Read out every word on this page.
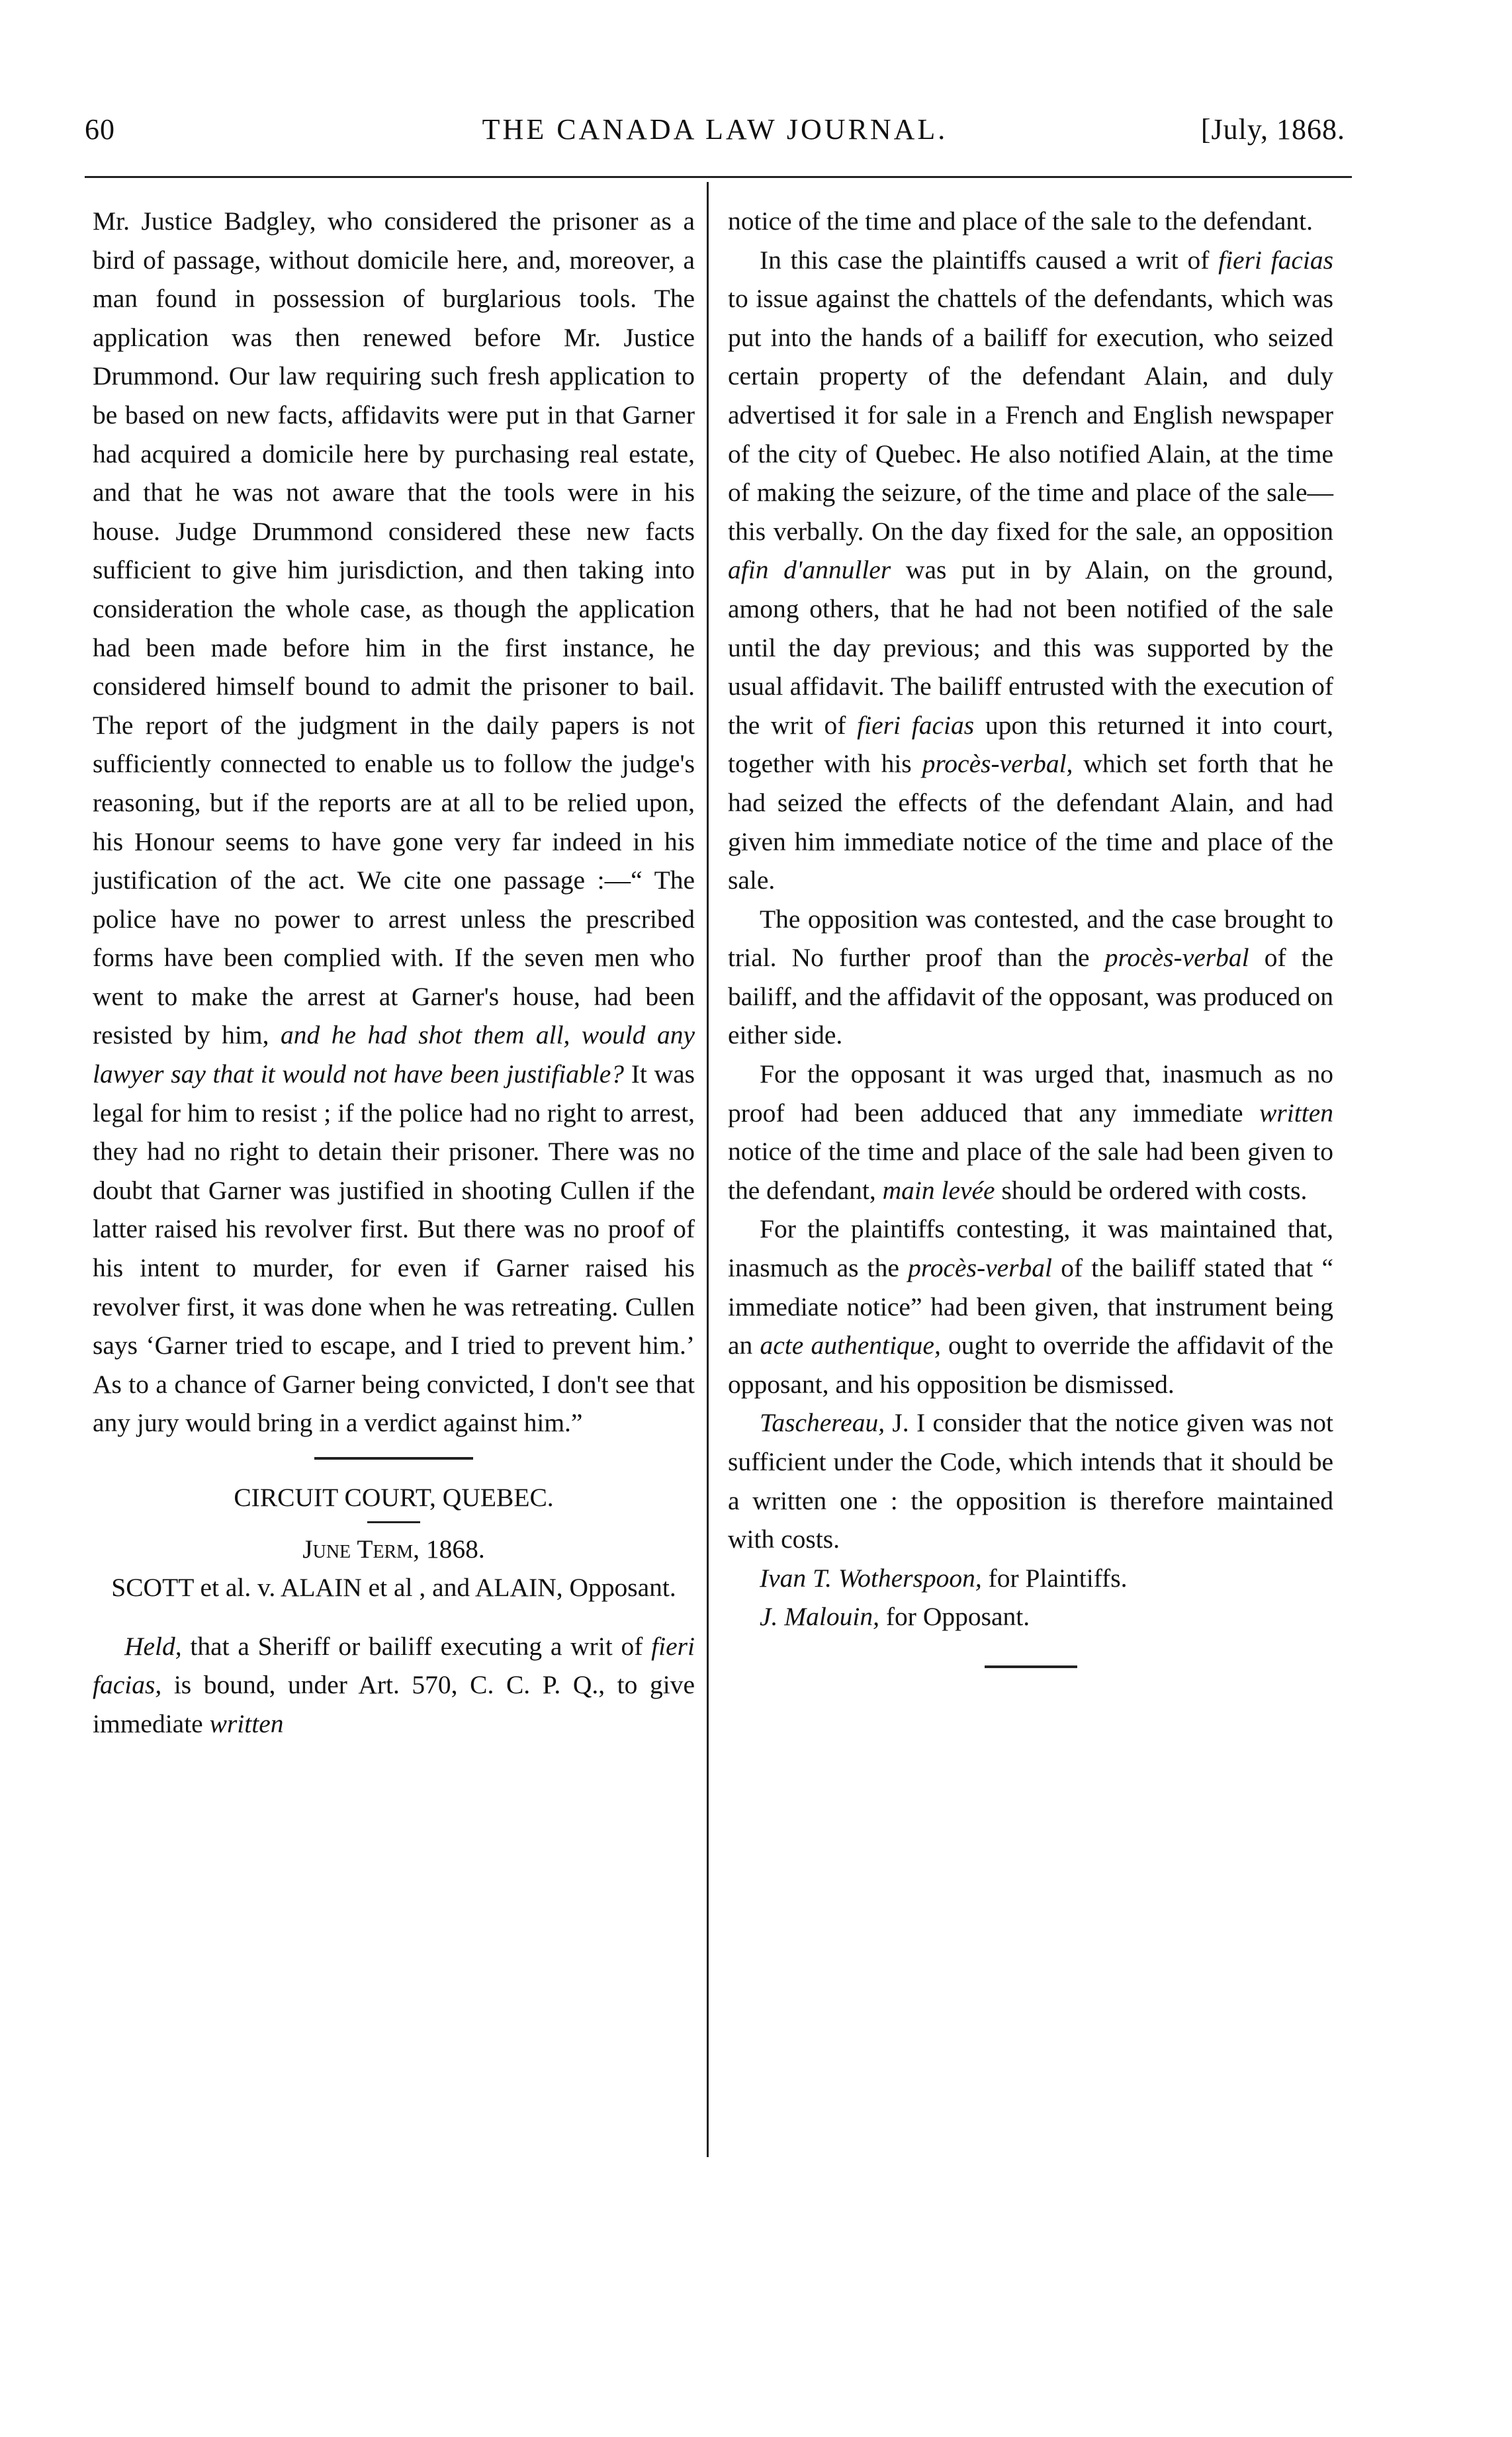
60	THE CANADA LAW JOURNAL.	[July, 1868.

Mr. Justice Badgley, who considered the prisoner as a bird of passage, without domicile here, and, moreover, a man found in possession of burglarious tools. The application was then renewed before Mr. Justice Drummond. Our law requiring such fresh application to be based on new facts, affidavits were put in that Garner had acquired a domicile here by purchasing real estate, and that he was not aware that the tools were in his house. Judge Drummond considered these new facts sufficient to give him jurisdiction, and then taking into consideration the whole case, as though the application had been made before him in the first instance, he considered himself bound to admit the prisoner to bail. The report of the judgment in the daily papers is not sufficiently connected to enable us to follow the judge's reasoning, but if the reports are at all to be relied upon, his Honour seems to have gone very far indeed in his justification of the act. We cite one passage :—“ The police have no power to arrest unless the prescribed forms have been complied with. If the seven men who went to make the arrest at Garner's house, had been resisted by him, and he had shot them all, would any lawyer say that it would not have been justifiable? It was legal for him to resist ; if the police had no right to arrest, they had no right to detain their prisoner. There was no doubt that Garner was justified in shooting Cullen if the latter raised his revolver first. But there was no proof of his intent to murder, for even if Garner raised his revolver first, it was done when he was retreating. Cullen says ‘Garner tried to escape, and I tried to prevent him.’ As to a chance of Garner being convicted, I don't see that any jury would bring in a verdict against him.”

CIRCUIT COURT, QUEBEC.

June Term, 1868.

SCOTT et al. v. ALAIN et al , and ALAIN, Opposant.

Held, that a Sheriff or bailiff executing a writ of fieri facias, is bound, under Art. 570, C. C. P. Q., to give immediate written

notice of the time and place of the sale to the defendant.

In this case the plaintiffs caused a writ of fieri facias to issue against the chattels of the defendants, which was put into the hands of a bailiff for execution, who seized certain property of the defendant Alain, and duly advertised it for sale in a French and English newspaper of the city of Quebec. He also notified Alain, at the time of making the seizure, of the time and place of the sale—this verbally. On the day fixed for the sale, an opposition afin d'annuller was put in by Alain, on the ground, among others, that he had not been notified of the sale until the day previous; and this was supported by the usual affidavit. The bailiff entrusted with the execution of the writ of fieri facias upon this returned it into court, together with his procès-verbal, which set forth that he had seized the effects of the defendant Alain, and had given him immediate notice of the time and place of the sale.

The opposition was contested, and the case brought to trial. No further proof than the procès-verbal of the bailiff, and the affidavit of the opposant, was produced on either side.

For the opposant it was urged that, inasmuch as no proof had been adduced that any immediate written notice of the time and place of the sale had been given to the defendant, main levée should be ordered with costs.

For the plaintiffs contesting, it was maintained that, inasmuch as the procès-verbal of the bailiff stated that “ immediate notice” had been given, that instrument being an acte authentique, ought to override the affidavit of the opposant, and his opposition be dismissed.

Taschereau, J. I consider that the notice given was not sufficient under the Code, which intends that it should be a written one : the opposition is therefore maintained with costs.

Ivan T. Wotherspoon, for Plaintiffs.

J. Malouin, for Opposant.
